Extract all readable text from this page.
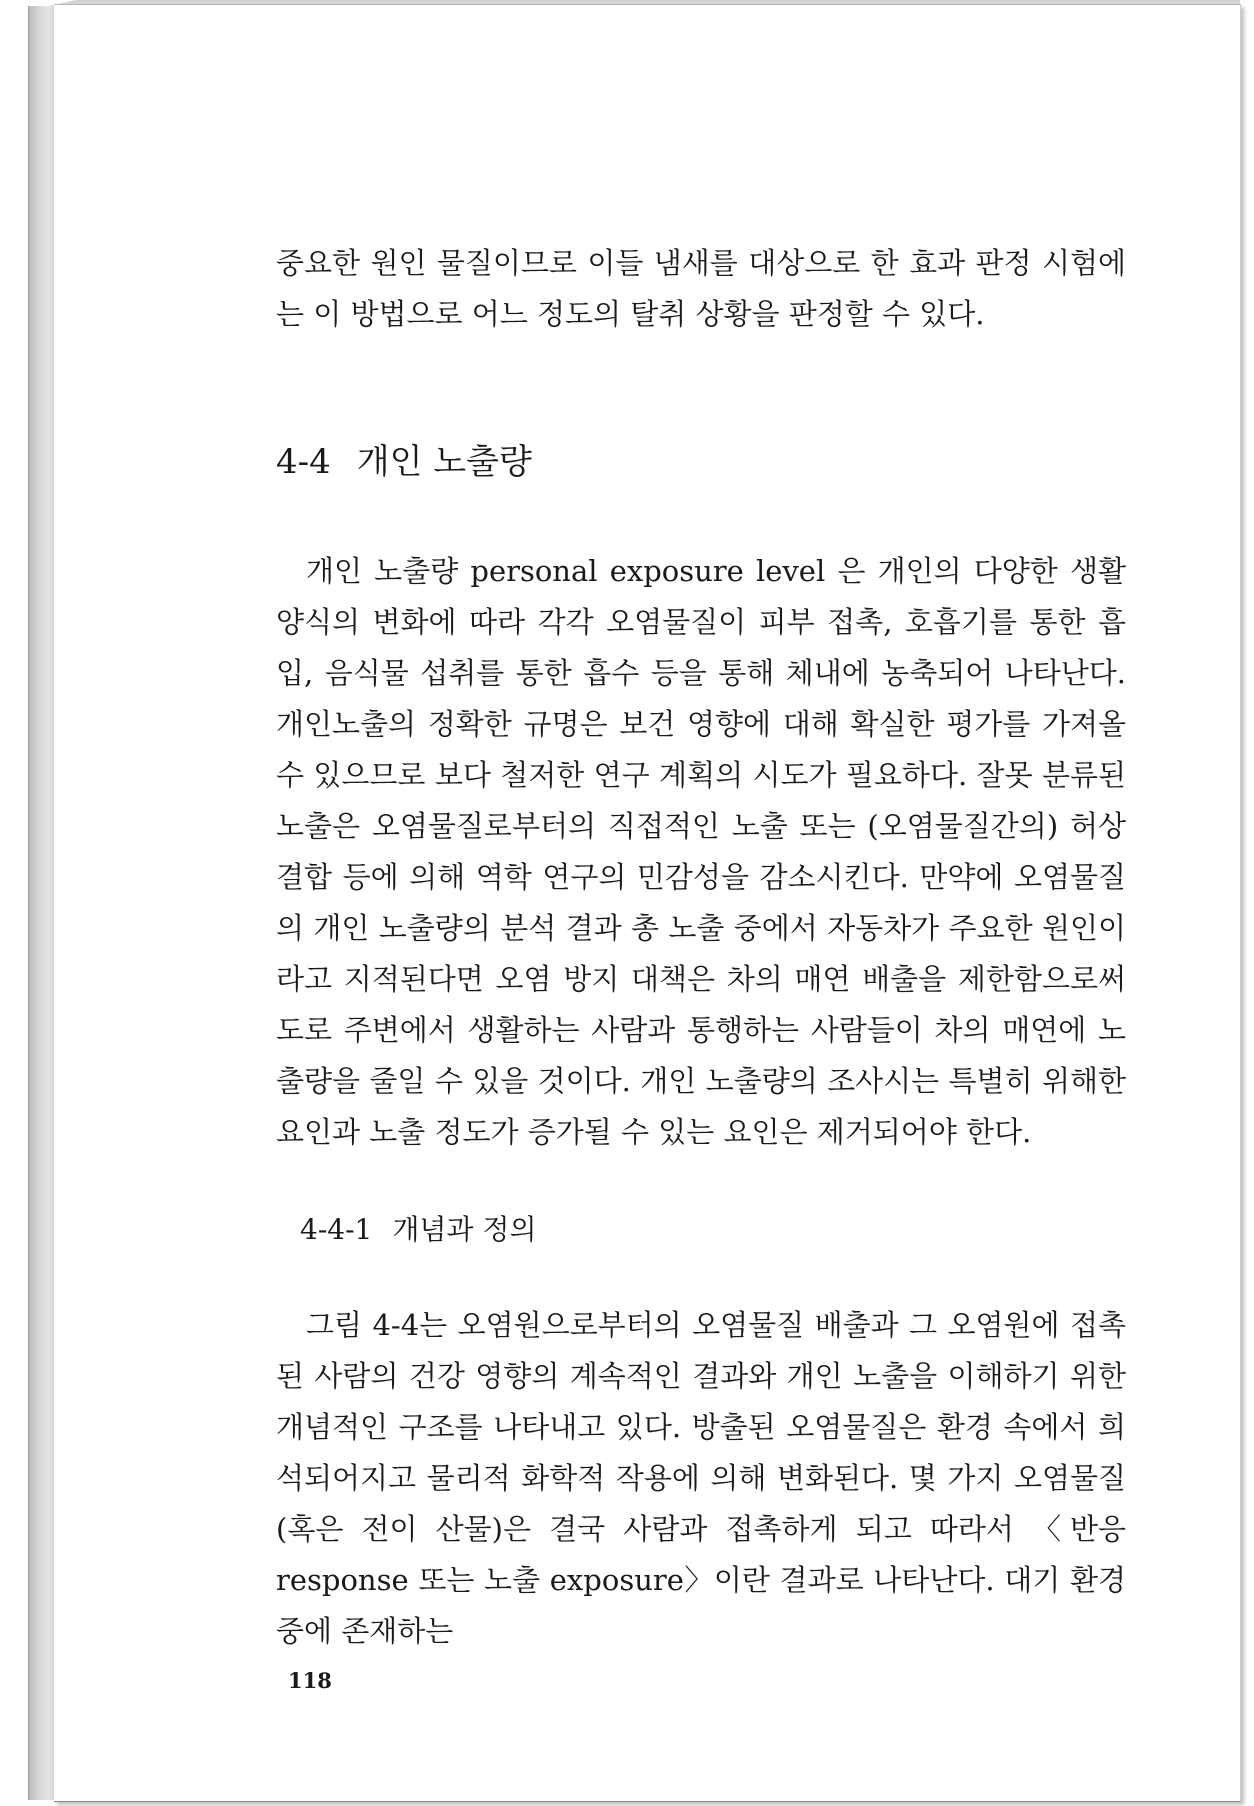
중요한 원인 물질이므로 이들 냄새를 대상으로 한 효과 판정 시험에는 이 방법으로 어느 정도의 탈취 상황을 판정할 수 있다.

4-4 개인 노출량

개인 노출량 personal exposure level 은 개인의 다양한 생활 양식의 변화에 따라 각각 오염물질이 피부 접촉, 호흡기를 통한 흡입, 음식물 섭취를 통한 흡수 등을 통해 체내에 농축되어 나타난다. 개인노출의 정확한 규명은 보건 영향에 대해 확실한 평가를 가져올 수 있으므로 보다 철저한 연구 계획의 시도가 필요하다. 잘못 분류된 노출은 오염물질로부터의 직접적인 노출 또는 (오염물질간의) 허상 결합 등에 의해 역학 연구의 민감성을 감소시킨다. 만약에 오염물질의 개인 노출량의 분석 결과 총 노출 중에서 자동차가 주요한 원인이라고 지적된다면 오염 방지 대책은 차의 매연 배출을 제한함으로써 도로 주변에서 생활하는 사람과 통행하는 사람들이 차의 매연에 노출량을 줄일 수 있을 것이다. 개인 노출량의 조사시는 특별히 위해한 요인과 노출 정도가 증가될 수 있는 요인은 제거되어야 한다.

4-4-1 개념과 정의

그림 4-4는 오염원으로부터의 오염물질 배출과 그 오염원에 접촉된 사람의 건강 영향의 계속적인 결과와 개인 노출을 이해하기 위한 개념적인 구조를 나타내고 있다. 방출된 오염물질은 환경 속에서 희석되어지고 물리적 화학적 작용에 의해 변화된다. 몇 가지 오염물질(혹은 전이 산물)은 결국 사람과 접촉하게 되고 따라서 〈반응 response 또는 노출 exposure〉이란 결과로 나타난다. 대기 환경 중에 존재하는

118
